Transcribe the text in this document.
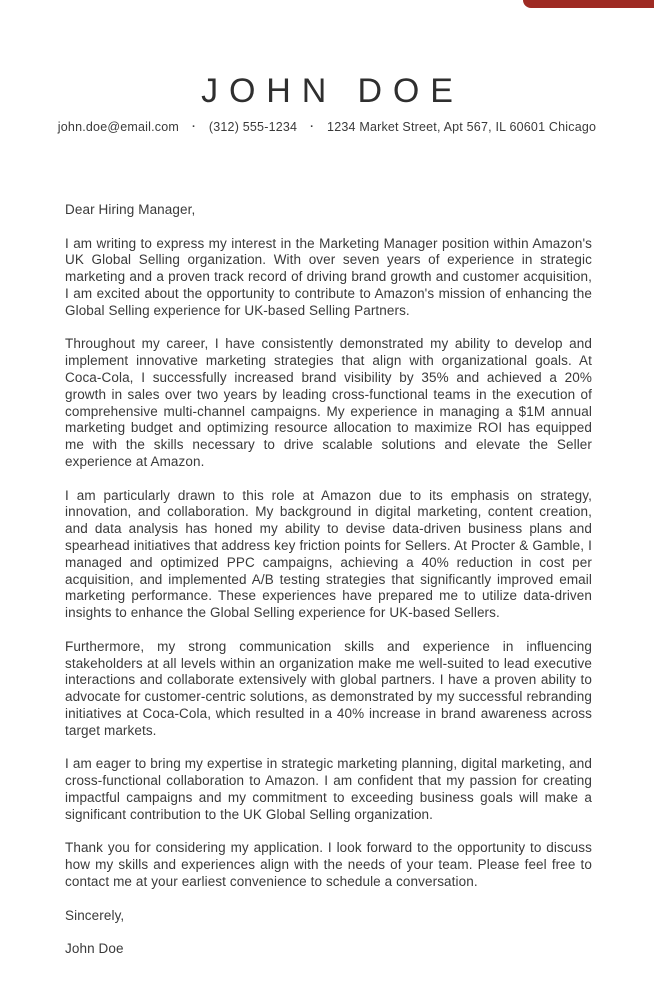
JOHN DOE
john.doe@email.com · (312) 555-1234 · 1234 Market Street, Apt 567, IL 60601 Chicago

Dear Hiring Manager,

I am writing to express my interest in the Marketing Manager position within Amazon's UK Global Selling organization. With over seven years of experience in strategic marketing and a proven track record of driving brand growth and customer acquisition, I am excited about the opportunity to contribute to Amazon's mission of enhancing the Global Selling experience for UK-based Selling Partners.

Throughout my career, I have consistently demonstrated my ability to develop and implement innovative marketing strategies that align with organizational goals. At Coca-Cola, I successfully increased brand visibility by 35% and achieved a 20% growth in sales over two years by leading cross-functional teams in the execution of comprehensive multi-channel campaigns. My experience in managing a $1M annual marketing budget and optimizing resource allocation to maximize ROI has equipped me with the skills necessary to drive scalable solutions and elevate the Seller experience at Amazon.

I am particularly drawn to this role at Amazon due to its emphasis on strategy, innovation, and collaboration. My background in digital marketing, content creation, and data analysis has honed my ability to devise data-driven business plans and spearhead initiatives that address key friction points for Sellers. At Procter & Gamble, I managed and optimized PPC campaigns, achieving a 40% reduction in cost per acquisition, and implemented A/B testing strategies that significantly improved email marketing performance. These experiences have prepared me to utilize data-driven insights to enhance the Global Selling experience for UK-based Sellers.

Furthermore, my strong communication skills and experience in influencing stakeholders at all levels within an organization make me well-suited to lead executive interactions and collaborate extensively with global partners. I have a proven ability to advocate for customer-centric solutions, as demonstrated by my successful rebranding initiatives at Coca-Cola, which resulted in a 40% increase in brand awareness across target markets.

I am eager to bring my expertise in strategic marketing planning, digital marketing, and cross-functional collaboration to Amazon. I am confident that my passion for creating impactful campaigns and my commitment to exceeding business goals will make a significant contribution to the UK Global Selling organization.

Thank you for considering my application. I look forward to the opportunity to discuss how my skills and experiences align with the needs of your team. Please feel free to contact me at your earliest convenience to schedule a conversation.

Sincerely,

John Doe
